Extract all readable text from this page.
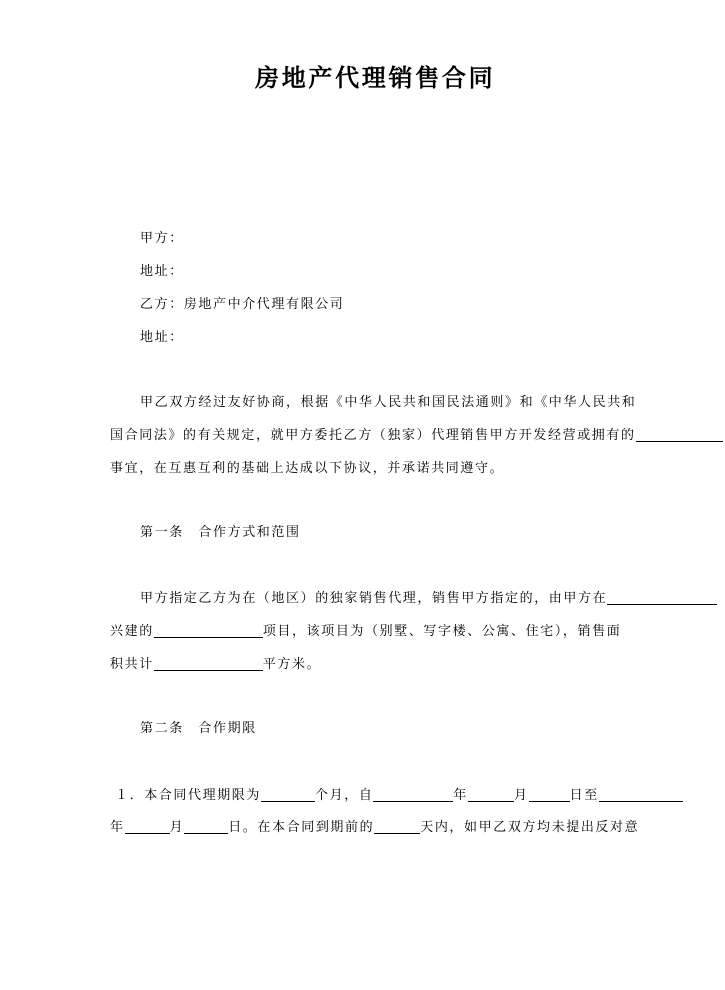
房地产代理销售合同
甲方：
地址：
乙方：房地产中介代理有限公司
地址：
甲乙双方经过友好协商，根据《中华人民共和国民法通则》和《中华人民共和
国合同法》的有关规定，就甲方委托乙方（独家）代理销售甲方开发经营或拥有的
事宜，在互惠互利的基础上达成以下协议，并承诺共同遵守。
第一条　合作方式和范围
甲方指定乙方为在（地区）的独家销售代理，销售甲方指定的，由甲方在
兴建的	项目，该项目为（别墅、写字楼、公寓、住宅），销售面
积共计	平方米。
第二条　合作期限
１． 本合同代理期限为	个月，自	年	月	日至
年	月	日。在本合同到期前的	天内，如甲乙双方均未提出反对意
